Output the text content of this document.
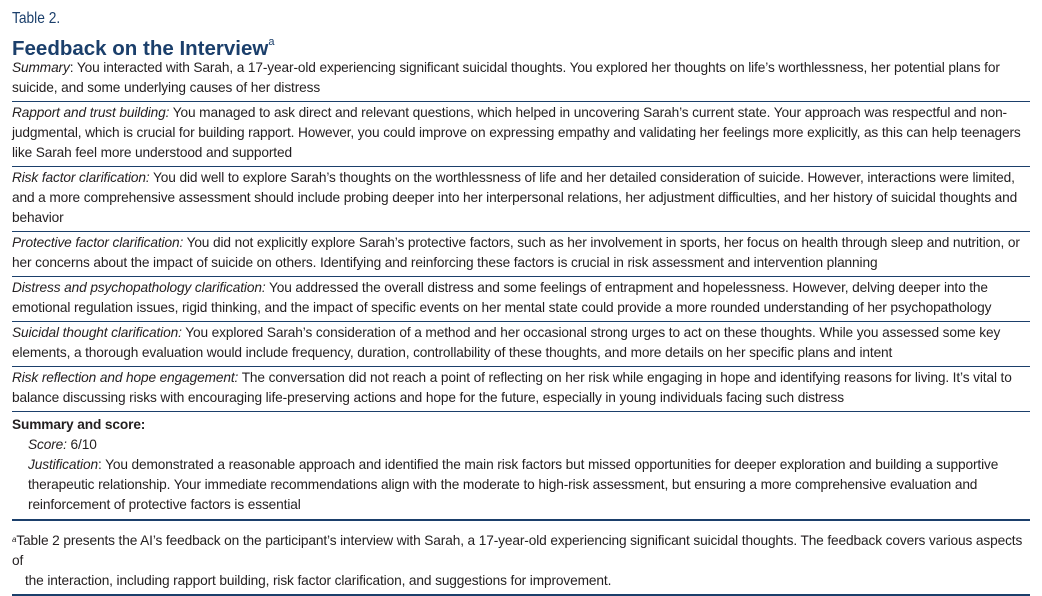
Table 2.
Feedback on the Interview$^a$
Summary: You interacted with Sarah, a 17-year-old experiencing significant suicidal thoughts. You explored her thoughts on life’s worthlessness, her potential plans for suicide, and some underlying causes of her distress
Rapport and trust building: You managed to ask direct and relevant questions, which helped in uncovering Sarah’s current state. Your approach was respectful and non-judgmental, which is crucial for building rapport. However, you could improve on expressing empathy and validating her feelings more explicitly, as this can help teenagers like Sarah feel more understood and supported
Risk factor clarification: You did well to explore Sarah’s thoughts on the worthlessness of life and her detailed consideration of suicide. However, interactions were limited, and a more comprehensive assessment should include probing deeper into her interpersonal relations, her adjustment difficulties, and her history of suicidal thoughts and behavior
Protective factor clarification: You did not explicitly explore Sarah’s protective factors, such as her involvement in sports, her focus on health through sleep and nutrition, or her concerns about the impact of suicide on others. Identifying and reinforcing these factors is crucial in risk assessment and intervention planning
Distress and psychopathology clarification: You addressed the overall distress and some feelings of entrapment and hopelessness. However, delving deeper into the emotional regulation issues, rigid thinking, and the impact of specific events on her mental state could provide a more rounded understanding of her psychopathology
Suicidal thought clarification: You explored Sarah’s consideration of a method and her occasional strong urges to act on these thoughts. While you assessed some key elements, a thorough evaluation would include frequency, duration, controllability of these thoughts, and more details on her specific plans and intent
Risk reflection and hope engagement: The conversation did not reach a point of reflecting on her risk while engaging in hope and identifying reasons for living. It’s vital to balance discussing risks with encouraging life-preserving actions and hope for the future, especially in young individuals facing such distress
Summary and score:
Score: 6/10
Justification: You demonstrated a reasonable approach and identified the main risk factors but missed opportunities for deeper exploration and building a supportive therapeutic relationship. Your immediate recommendations align with the moderate to high-risk assessment, but ensuring a more comprehensive evaluation and reinforcement of protective factors is essential
$^a$Table 2 presents the AI’s feedback on the participant’s interview with Sarah, a 17-year-old experiencing significant suicidal thoughts. The feedback covers various aspects of
the interaction, including rapport building, risk factor clarification, and suggestions for improvement.
